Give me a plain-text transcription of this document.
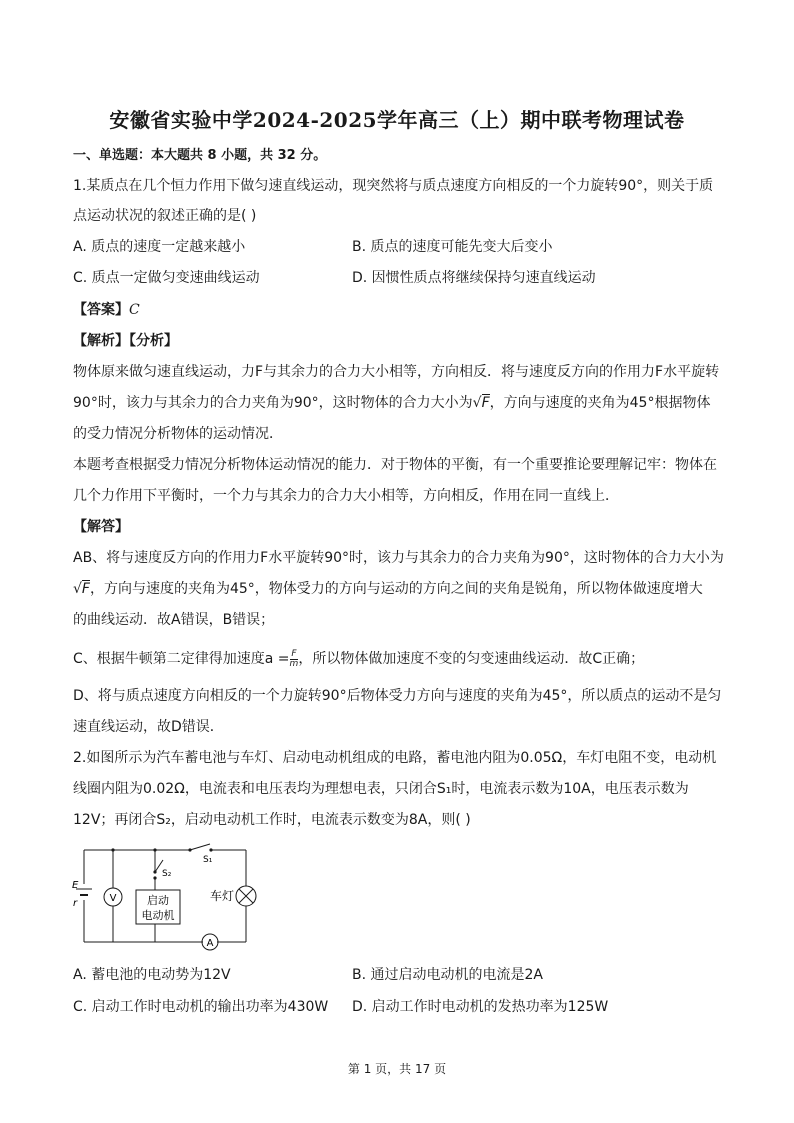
安徽省实验中学2024-2025学年高三（上）期中联考物理试卷
一、单选题：本大题共 8 小题，共 32 分。
1.某质点在几个恒力作用下做匀速直线运动，现突然将与质点速度方向相反的一个力旋转90°，则关于质
点运动状况的叙述正确的是( )
A. 质点的速度一定越来越小	B. 质点的速度可能先变大后变小
C. 质点一定做匀变速曲线运动	D. 因惯性质点将继续保持匀速直线运动
【答案】C
【解析】【分析】
物体原来做匀速直线运动，力F与其余力的合力大小相等，方向相反．将与速度反方向的作用力F水平旋转
90°时，该力与其余力的合力夹角为90°，这时物体的合力大小为√F，方向与速度的夹角为45°根据物体
的受力情况分析物体的运动情况．
本题考查根据受力情况分析物体运动情况的能力．对于物体的平衡，有一个重要推论要理解记牢：物体在
几个力作用下平衡时，一个力与其余力的合力大小相等，方向相反，作用在同一直线上．
【解答】
AB、将与速度反方向的作用力F水平旋转90°时，该力与其余力的合力夹角为90°，这时物体的合力大小为
√F，方向与速度的夹角为45°，物体受力的方向与运动的方向之间的夹角是锐角，所以物体做速度增大
的曲线运动．故A错误，B错误；
C、根据牛顿第二定律得加速度$a = \frac{F}{m}$ ，所以物体做加速度不变的匀变速曲线运动．故C正确；
D、将与质点速度方向相反的一个力旋转90°后物体受力方向与速度的夹角为45°，所以质点的运动不是匀
速直线运动，故D错误．
2.如图所示为汽车蓄电池与车灯、启动电动机组成的电路，蓄电池内阻为0.05Ω，车灯电阻不变，电动机
线圈内阻为0.02Ω，电流表和电压表均为理想电表，只闭合S₁时，电流表示数为10A，电压表示数为
12V；再闭合S₂，启动电动机工作时，电流表示数变为8A，则( )
E
r	V
A
S₂
S₁
启动
电动机
车灯
A. 蓄电池的电动势为12V	B. 通过启动电动机的电流是2A
C. 启动工作时电动机的输出功率为430W D. 启动工作时电动机的发热功率为125W
第 1 页，共 17 页
